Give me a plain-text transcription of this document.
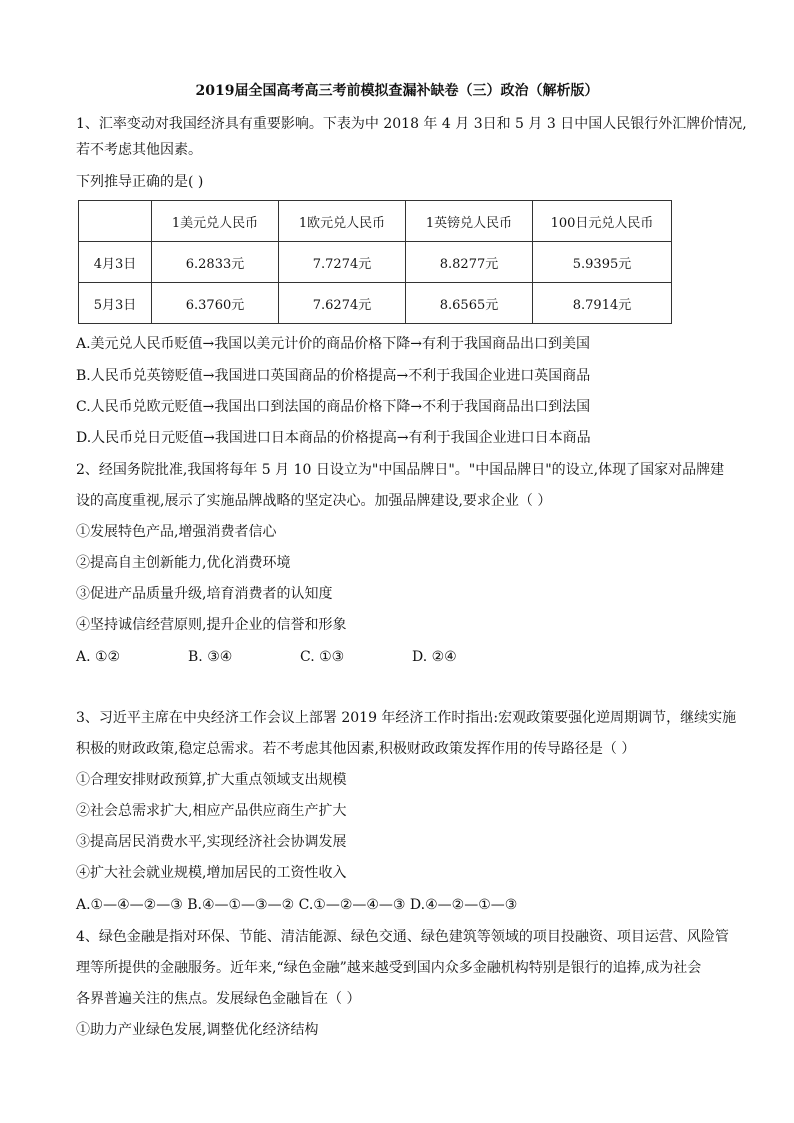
2019届全国高考高三考前模拟查漏补缺卷（三）政治（解析版）
1、汇率变动对我国经济具有重要影响。下表为中 2018 年 4 月 3日和 5 月 3 日中国人民银行外汇牌价情况,
若不考虑其他因素。
下列推导正确的是( )
	1美元兑人民币	1欧元兑人民币	1英镑兑人民币	100日元兑人民币
4月3日	6.2833元	7.7274元	8.8277元	5.9395元
5月3日	6.3760元	7.6274元	8.6565元	8.7914元
A.美元兑人民币贬值→我国以美元计价的商品价格下降→有利于我国商品出口到美国
B.人民币兑英镑贬值→我国进口英国商品的价格提高→不利于我国企业进口英国商品
C.人民币兑欧元贬值→我国出口到法国的商品价格下降→不利于我国商品出口到法国
D.人民币兑日元贬值→我国进口日本商品的价格提高→有利于我国企业进口日本商品
2、经国务院批准,我国将每年 5 月 10 日设立为"中国品牌日"。"中国品牌日"的设立,体现了国家对品牌建
设的高度重视,展示了实施品牌战略的坚定决心。加强品牌建设,要求企业（ ）
①发展特色产品,增强消费者信心
②提高自主创新能力,优化消费环境
③促进产品质量升级,培育消费者的认知度
④坚持诚信经营原则,提升企业的信誉和形象
A. ①②	B. ③④	C. ①③	D. ②④
3、习近平主席在中央经济工作会议上部署 2019 年经济工作时指出:宏观政策要强化逆周期调节，继续实施
积极的财政政策,稳定总需求。若不考虑其他因素,积极财政政策发挥作用的传导路径是（ ）
①合理安排财政预算,扩大重点领域支出规模
②社会总需求扩大,相应产品供应商生产扩大
③提高居民消费水平,实现经济社会协调发展
④扩大社会就业规模,增加居民的工资性收入
A.①—④—②—③ B.④—①—③—② C.①—②—④—③ D.④—②—①—③
4、绿色金融是指对环保、节能、清洁能源、绿色交通、绿色建筑等领域的项目投融资、项目运营、风险管
理等所提供的金融服务。近年来,“绿色金融”越来越受到国内众多金融机构特别是银行的追捧,成为社会
各界普遍关注的焦点。发展绿色金融旨在（ ）
①助力产业绿色发展,调整优化经济结构
